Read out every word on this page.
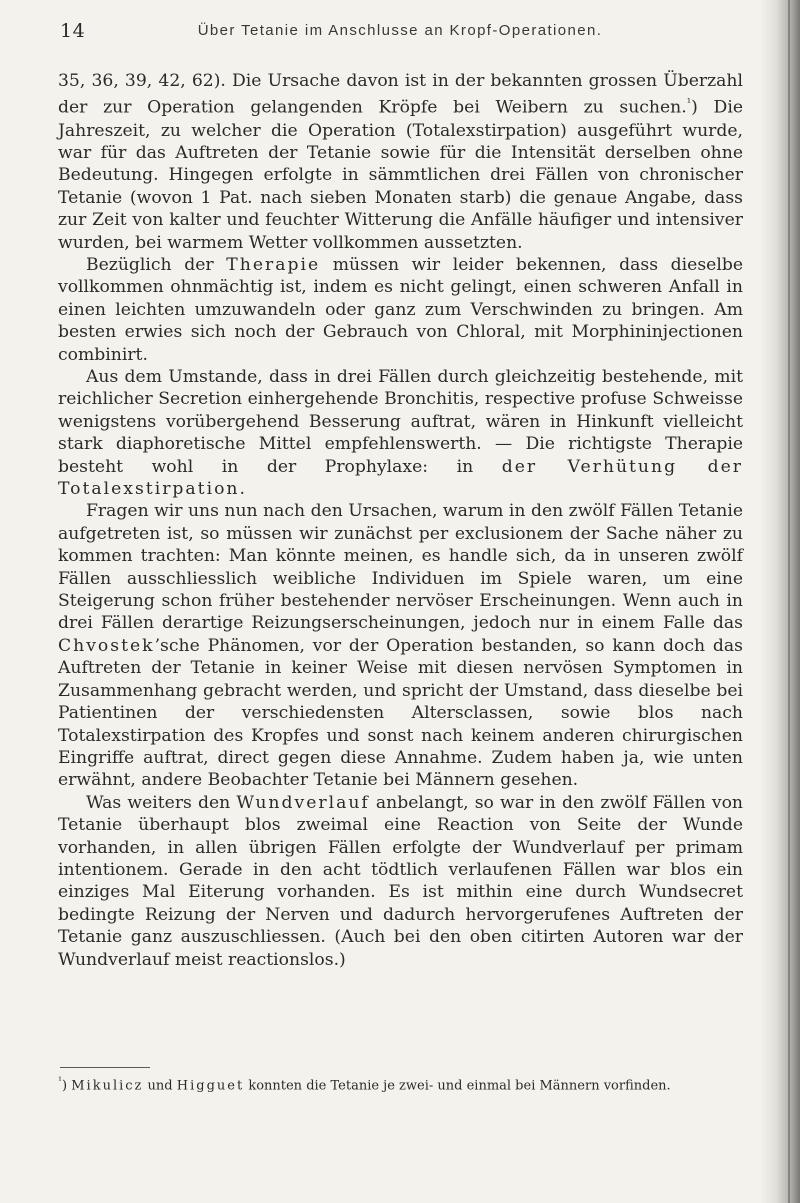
14	Über Tetanie im Anschlusse an Kropf-Operationen.

35, 36, 39, 42, 62). Die Ursache davon ist in der bekannten grossen Überzahl der zur Operation gelangenden Kröpfe bei Weibern zu suchen.$^{^1}$) Die Jahreszeit, zu welcher die Operation (Totalexstirpation) ausgeführt wurde, war für das Auftreten der Tetanie sowie für die Intensität derselben ohne Bedeutung. Hingegen erfolgte in sämmtlichen drei Fällen von chronischer Tetanie (wovon 1 Pat. nach sieben Monaten starb) die genaue Angabe, dass zur Zeit von kalter und feuchter Witterung die Anfälle häufiger und intensiver wurden, bei warmem Wetter vollkommen aussetzten.

Bezüglich der Therapie müssen wir leider bekennen, dass dieselbe vollkommen ohnmächtig ist, indem es nicht gelingt, einen schweren Anfall in einen leichten umzuwandeln oder ganz zum Verschwinden zu bringen. Am besten erwies sich noch der Gebrauch von Chloral, mit Morphininjectionen combinirt.

Aus dem Umstande, dass in drei Fällen durch gleichzeitig bestehende, mit reichlicher Secretion einhergehende Bronchitis, respective profuse Schweisse wenigstens vorübergehend Besserung auftrat, wären in Hinkunft vielleicht stark diaphoretische Mittel empfehlenswerth. — Die richtigste Therapie besteht wohl in der Prophylaxe: in der Verhütung der Totalexstirpation.

Fragen wir uns nun nach den Ursachen, warum in den zwölf Fällen Tetanie aufgetreten ist, so müssen wir zunächst per exclusionem der Sache näher zu kommen trachten: Man könnte meinen, es handle sich, da in unseren zwölf Fällen ausschliesslich weibliche Individuen im Spiele waren, um eine Steigerung schon früher bestehender nervöser Erscheinungen. Wenn auch in drei Fällen derartige Reizungserscheinungen, jedoch nur in einem Falle das Chvostek’sche Phänomen, vor der Operation bestanden, so kann doch das Auftreten der Tetanie in keiner Weise mit diesen nervösen Symptomen in Zusammenhang gebracht werden, und spricht der Umstand, dass dieselbe bei Patientinen der verschiedensten Altersclassen, sowie blos nach Totalexstirpation des Kropfes und sonst nach keinem anderen chirurgischen Eingriffe auftrat, direct gegen diese Annahme. Zudem haben ja, wie unten erwähnt, andere Beobachter Tetanie bei Männern gesehen.

Was weiters den Wundverlauf anbelangt, so war in den zwölf Fällen von Tetanie überhaupt blos zweimal eine Reaction von Seite der Wunde vorhanden, in allen übrigen Fällen erfolgte der Wundverlauf per primam intentionem. Gerade in den acht tödtlich verlaufenen Fällen war blos ein einziges Mal Eiterung vorhanden. Es ist mithin eine durch Wundsecret bedingte Reizung der Nerven und dadurch hervorgerufenes Auftreten der Tetanie ganz auszuschliessen. (Auch bei den oben citirten Autoren war der Wundverlauf meist reactionslos.)

$^{^1}$) Mikulicz und Higguet konnten die Tetanie je zwei- und einmal bei Männern vorfinden.
